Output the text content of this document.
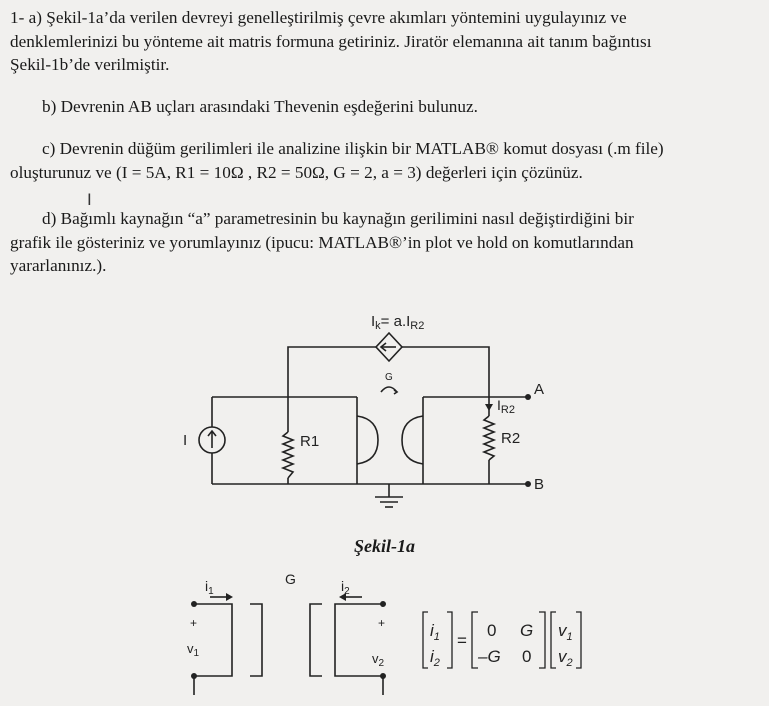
1- a) Şekil-1a’da verilen devreyi genelleştirilmiş çevre akımları yöntemini uygulayınız ve
denklemlerinizi bu yönteme ait matris formuna getiriniz. Jiratör elemanına ait tanım bağıntısı
Şekil-1b’de verilmiştir.
b) Devrenin AB uçları arasındaki Thevenin eşdeğerini bulunuz.
c) Devrenin düğüm gerilimleri ile analizine ilişkin bir MATLAB® komut dosyası (.m file)
oluşturunuz ve (I = 5A, R1 = 10Ω , R2 = 50Ω, G = 2, a = 3) değerleri için çözünüz.
I
d) Bağımlı kaynağın “a” parametresinin bu kaynağın gerilimini nasıl değiştirdiğini bir
grafik ile gösteriniz ve yorumlayınız (ipucu: MATLAB®’in plot ve hold on komutlarından
yararlanınız.).
I	R1	R2
$I_{R2}$
$I_k= a.I_{R2}$
G
A
B
$i_1$	$i_2$
G
+
$v_1$
+
$v_2$
$i_1$
$i_2$
=
0 G
–G 0
$v_1$
$v_2$
Şekil-1a
